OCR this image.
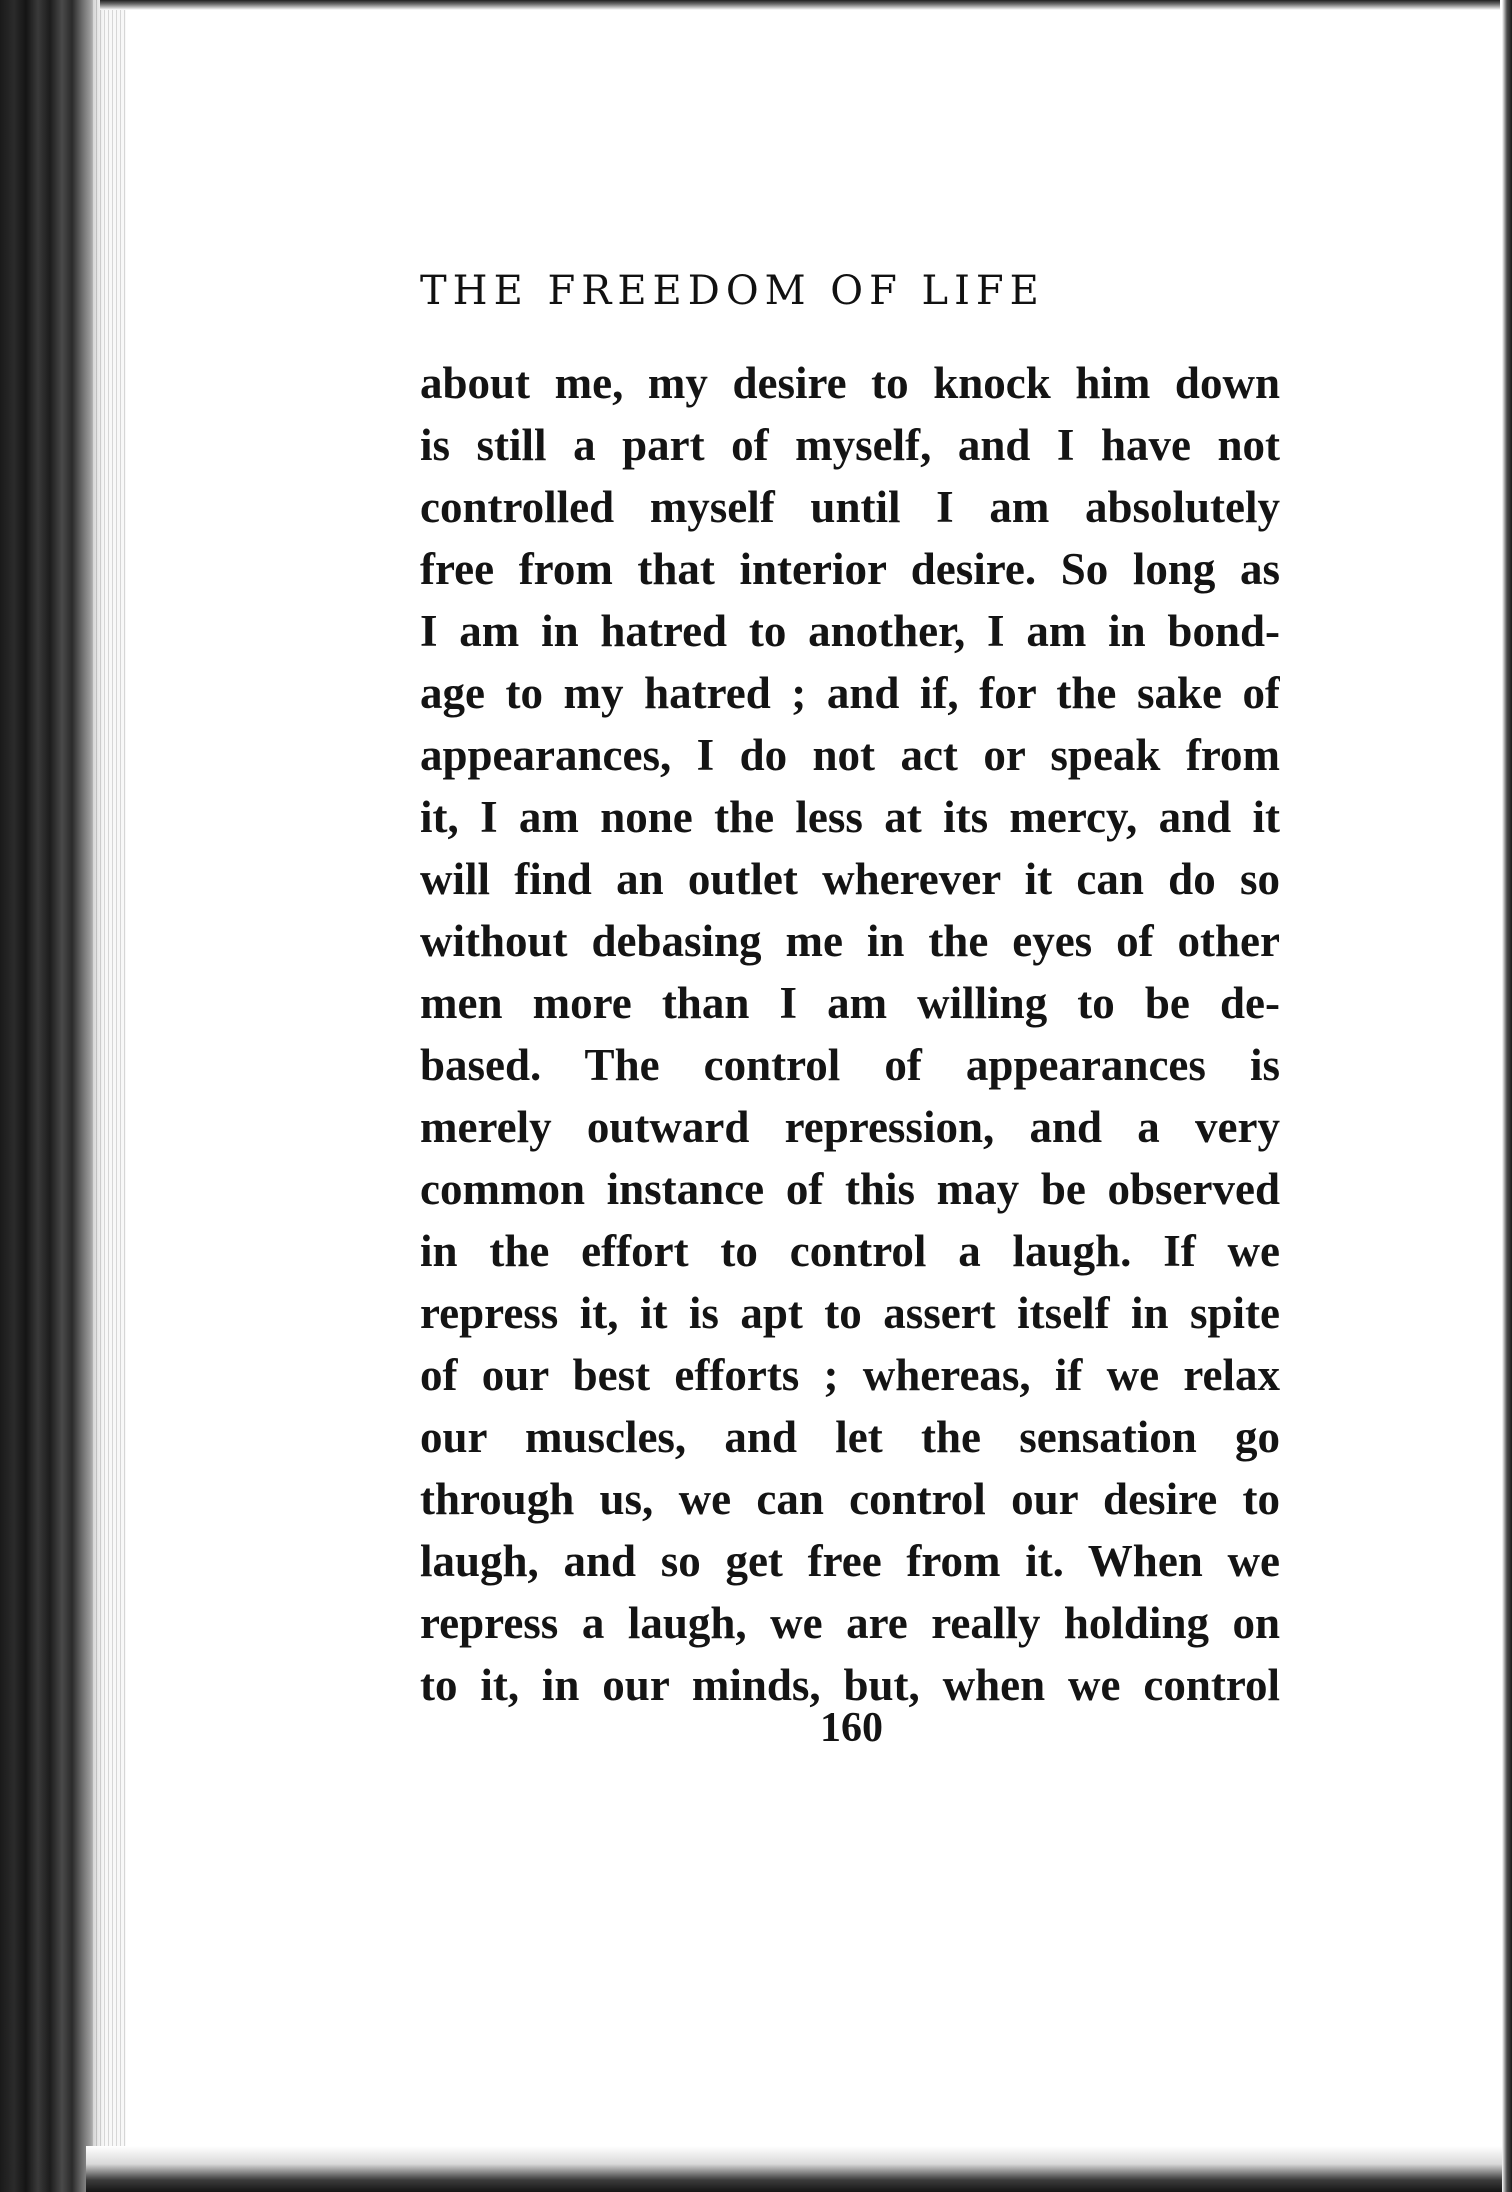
THE FREEDOM OF LIFE
about me, my desire to knock him down
is still a part of myself, and I have not
controlled myself until I am absolutely
free from that interior desire. So long as
I am in hatred to another, I am in bond-
age to my hatred ; and if, for the sake of
appearances, I do not act or speak from
it, I am none the less at its mercy, and it
will find an outlet wherever it can do so
without debasing me in the eyes of other
men more than I am willing to be de-
based. The control of appearances is
merely outward repression, and a very
common instance of this may be observed
in the effort to control a laugh. If we
repress it, it is apt to assert itself in spite
of our best efforts ; whereas, if we relax
our muscles, and let the sensation go
through us, we can control our desire to
laugh, and so get free from it. When we
repress a laugh, we are really holding on
to it, in our minds, but, when we control
160
